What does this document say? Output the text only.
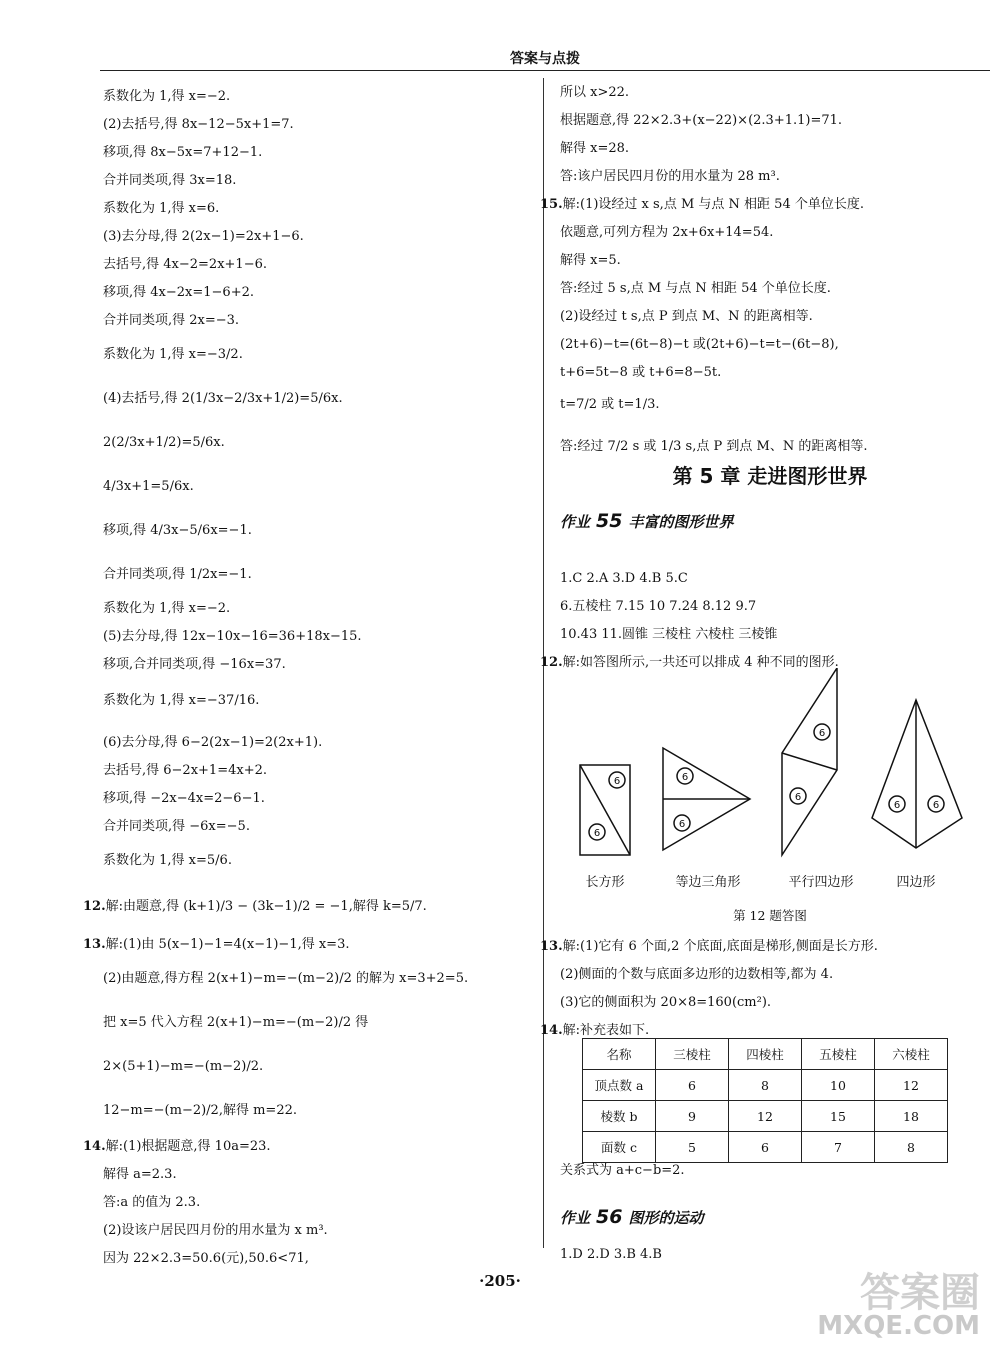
答案与点拨
系数化为 1,得 x=−2.
(2)去括号,得 8x−12−5x+1=7.
移项,得 8x−5x=7+12−1.
合并同类项,得 3x=18.
系数化为 1,得 x=6.
(3)去分母,得 2(2x−1)=2x+1−6.
去括号,得 4x−2=2x+1−6.
移项,得 4x−2x=1−6+2.
合并同类项,得 2x=−3.
系数化为 1,得 x=−3/2.
(4)去括号,得 2(1/3x−2/3x+1/2)=5/6x.
2(2/3x+1/2)=5/6x.
4/3x+1=5/6x.
移项,得 4/3x−5/6x=−1.
合并同类项,得 1/2x=−1.
系数化为 1,得 x=−2.
(5)去分母,得 12x−10x−16=36+18x−15.
移项,合并同类项,得 −16x=37.
系数化为 1,得 x=−37/16.
(6)去分母,得 6−2(2x−1)=2(2x+1).
去括号,得 6−2x+1=4x+2.
移项,得 −2x−4x=2−6−1.
合并同类项,得 −6x=−5.
系数化为 1,得 x=5/6.
12.解:由题意,得 (k+1)/3 − (3k−1)/2 = −1,解得 k=5/7.
13.解:(1)由 5(x−1)−1=4(x−1)−1,得 x=3.
(2)由题意,得方程 2(x+1)−m=−(m−2)/2 的解为 x=3+2=5.
把 x=5 代入方程 2(x+1)−m=−(m−2)/2 得
2×(5+1)−m=−(m−2)/2.
12−m=−(m−2)/2,解得 m=22.
14.解:(1)根据题意,得 10a=23.
解得 a=2.3.
答:a 的值为 2.3.
(2)设该户居民四月份的用水量为 x m³.
因为 22×2.3=50.6(元),50.6<71,
第 5 章 走进图形世界
作业 55 丰富的图形世界
6
6
6
6
6
6
6	6
长方形	等边三角形	平行四边形	四边形
第 12 题答图
名称	三棱柱	四棱柱	五棱柱	六棱柱
顶点数 a	6	8	10	12
棱数 b	9	12	15	18
面数 c	5	6	7	8
关系式为 a+c−b=2.
作业 56 图形的运动
1.D 2.D 3.B 4.B
所以 x>22.
根据题意,得 22×2.3+(x−22)×(2.3+1.1)=71.
解得 x=28.
答:该户居民四月份的用水量为 28 m³.
15.解:(1)设经过 x s,点 M 与点 N 相距 54 个单位长度.
依题意,可列方程为 2x+6x+14=54.
解得 x=5.
答:经过 5 s,点 M 与点 N 相距 54 个单位长度.
(2)设经过 t s,点 P 到点 M、N 的距离相等.
(2t+6)−t=(6t−8)−t 或(2t+6)−t=t−(6t−8),
t+6=5t−8 或 t+6=8−5t.
t=7/2 或 t=1/3.
答:经过 7/2 s 或 1/3 s,点 P 到点 M、N 的距离相等.
1.C 2.A 3.D 4.B 5.C
6.五棱柱 7.15 10 7.24 8.12 9.7
10.43 11.圆锥 三棱柱 六棱柱 三棱锥
12.解:如答图所示,一共还可以排成 4 种不同的图形.
13.解:(1)它有 6 个面,2 个底面,底面是梯形,侧面是长方形.
(2)侧面的个数与底面多边形的边数相等,都为 4.
(3)它的侧面积为 20×8=160(cm²).
14.解:补充表如下.
·205·	答案圈
MXQE.COM
